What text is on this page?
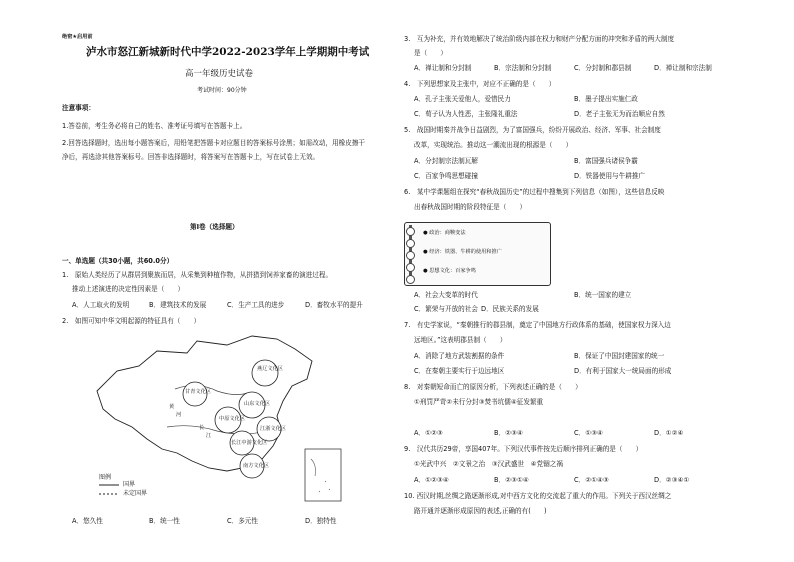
绝密★启用前
泸水市怒江新城新时代中学2022-2023学年上学期期中考试
高一年级历史试卷
考试时间：90分钟
注意事项：
1.答卷前，考生务必将自己的姓名、准考证号填写在答题卡上。
2.回答选择题时，选出每小题答案后，用铅笔把答题卡对应题目的答案标号涂黑；如需改动，用橡皮擦干
净后，再选涂其他答案标号。回答非选择题时，将答案写在答题卡上，写在试卷上无效。
第I卷（选择题）
一、单选题（共30小题，共60.0分）
1.　原始人类经历了从群居到聚族而居，从采集到种植作物，从拼猎到饲养家畜的演进过程。
推动上述演进的决定性因素是（　　）
A．人工取火的发明	B．建筑技术的发展	C．生产工具的进步	D．畜牧水平的提升
2.　如图可知中华文明起源的特征具有（　　）
燕辽文化区
甘青文化区
中原文化区
山东文化区
江浙文化区
长江中游文化区
南方文化区
黄
河
长
江
图例
国界
未定国界
A．悠久性	B．统一性	C．多元性	D．独特性
3.　互为补充，并有效地解决了统治阶级内部在权力和财产分配方面的冲突和矛盾的两大制度
是（　　）
A．禅让制和分封制	B．宗法制和分封制	C．分封制和郡县制	D．禅让制和宗法制
4.　下列思想家及主张中，对应不正确的是（　　）
A．孔子主张关爱他人，爱惜民力	B．墨子提出实施仁政
C．荀子认为人性恶，主张隆礼重法	D．老子主张无为而治顺应自然
5.　战国时期秦并战争日益剧烈，为了富国强兵，纷纷开展政治、经济、军事、社会制度
改革，实现统治。推动这一潮流出现的根源是（　　）
A．分封制宗法制瓦解	B．富国强兵诸侯争霸
C．百家争鸣思想碰撞	D．铁器使用与牛耕推广
6.　某中学课题组在探究“春秋战国历史”的过程中搜集到下列信息（如图），这些信息反映
出春秋战国时期的阶段特征是（　　）
● 政治：商鞅变法
● 经济：铁器、牛耕的使用和推广
● 思想文化：百家争鸣
A．社会大变革的时代	B．统一国家的建立
C．繁荣与开放的社会 D．民族关系的发展
7.　有史学家说，“秦朝推行的郡县制，奠定了中国地方行政体系的基础，使国家权力深入边
远地区。”这表明郡县制（　　）
A．消除了地方武装割据的条件	B．保证了中国封建国家的统一
C．在秦朝主要实行于边远地区	D．有利于国家大一统局面的形成
8.　对秦朝短命而亡的原因分析，下列表述正确的是（　　）
①刑罚严苛②未行分封③焚书坑儒④征发繁重
A．①②③	B．②③④	C．①③④	D．①②④
9.　汉代共历29帝，享国407年。下列汉代事件按先后顺序排列正确的是（　　）
①光武中兴　②文景之治　③汉武盛世　④党锢之祸
A．①②③④	B．②③①④	C．②①④③	D．②③④①
10. 西汉时期,丝绸之路逐渐形成,对中西方文化的交流起了重大的作用。下列关于西汉丝绸之
路开通并逐渐形成原因的表述,正确的有(　　)
